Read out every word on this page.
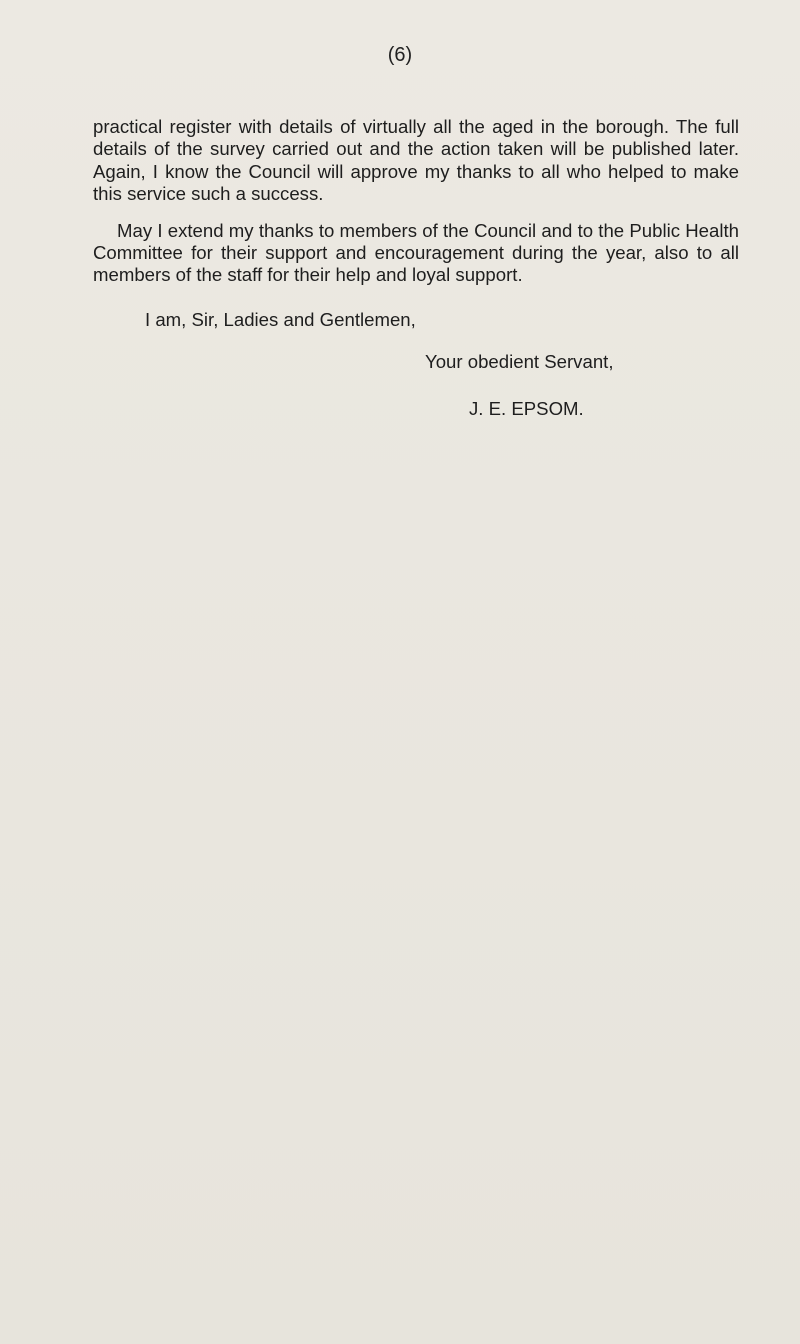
(6)

practical register with details of virtually all the aged in the borough. The full details of the survey carried out and the action taken will be published later. Again, I know the Council will approve my thanks to all who helped to make this service such a success.

May I extend my thanks to members of the Council and to the Public Health Committee for their support and encouragement during the year, also to all members of the staff for their help and loyal support.

I am, Sir, Ladies and Gentlemen,
Your obedient Servant,
J. E. EPSOM.
